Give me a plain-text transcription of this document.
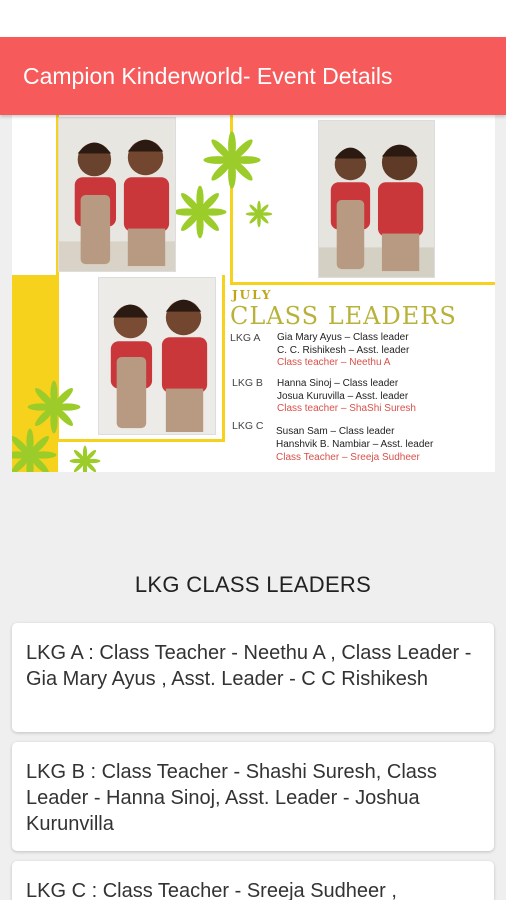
Campion Kinderworld- Event Details
JULY
CLASS LEADERS
LKG A Gia Mary Ayus – Class leader
C. C. Rishikesh – Asst. leader
Class teacher – Neethu A
LKG B Hanna Sinoj – Class leader
Josua Kuruvilla – Asst. leader
Class teacher – ShaShi Suresh
LKG C Susan Sam – Class leader
Hanshvik B. Nambiar – Asst. leader
Class Teacher – Sreeja Sudheer
LKG CLASS LEADERS
LKG A : Class Teacher - Neethu A , Class Leader - Gia Mary Ayus , Asst. Leader - C C Rishikesh
LKG B : Class Teacher - Shashi Suresh, Class Leader - Hanna Sinoj, Asst. Leader - Joshua Kurunvilla
LKG C : Class Teacher - Sreeja Sudheer ,
